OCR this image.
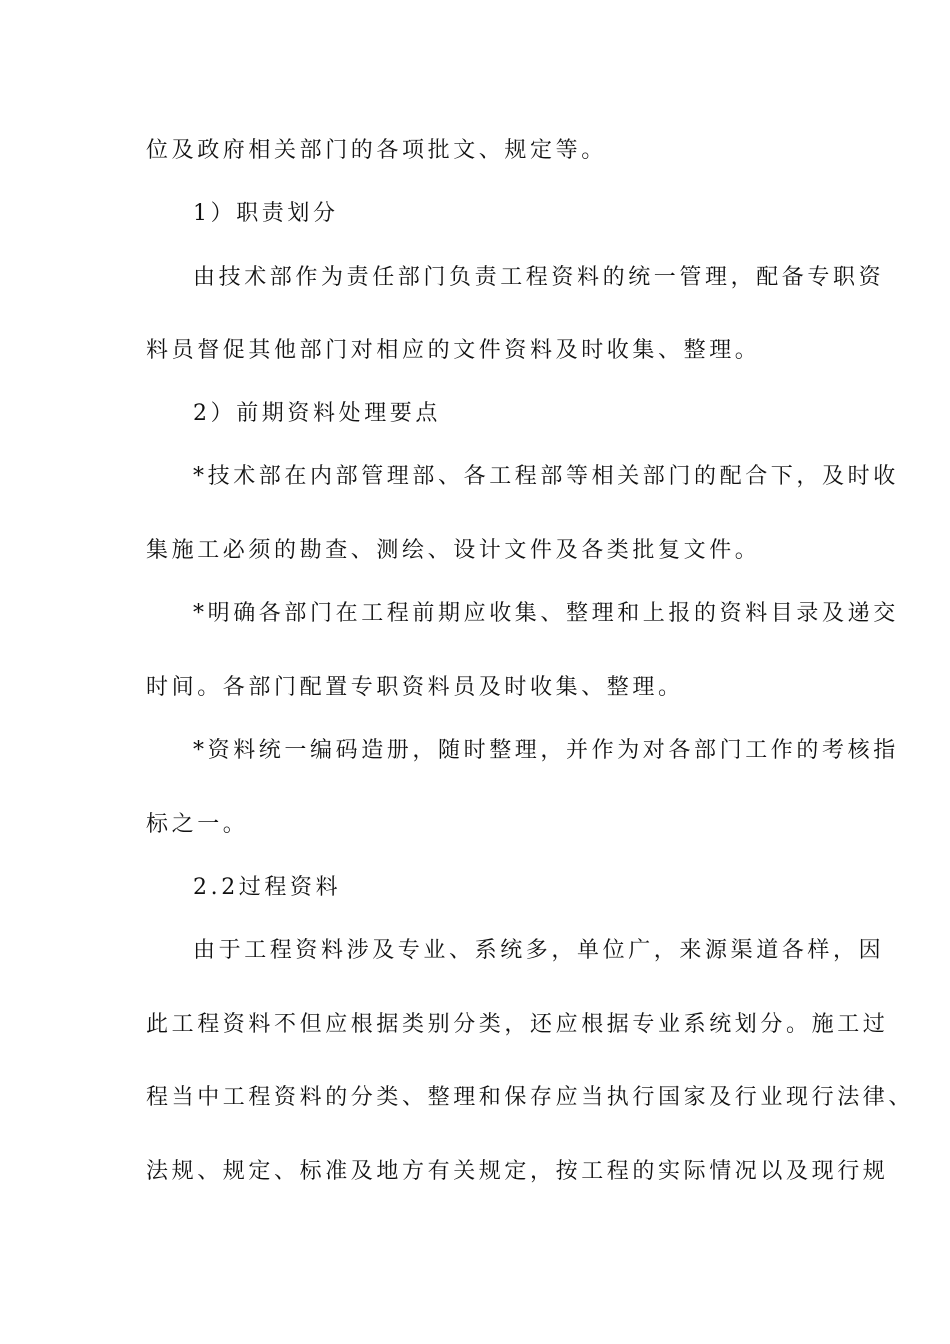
位及政府相关部门的各项批文、规定等。
1）职责划分
由技术部作为责任部门负责工程资料的统一管理，配备专职资
料员督促其他部门对相应的文件资料及时收集、整理。
2）前期资料处理要点
*技术部在内部管理部、各工程部等相关部门的配合下，及时收
集施工必须的勘查、测绘、设计文件及各类批复文件。
*明确各部门在工程前期应收集、整理和上报的资料目录及递交
时间。各部门配置专职资料员及时收集、整理。
*资料统一编码造册，随时整理，并作为对各部门工作的考核指
标之一。
2.2过程资料
由于工程资料涉及专业、系统多，单位广，来源渠道各样，因
此工程资料不但应根据类别分类，还应根据专业系统划分。施工过
程当中工程资料的分类、整理和保存应当执行国家及行业现行法律、
法规、规定、标准及地方有关规定，按工程的实际情况以及现行规
